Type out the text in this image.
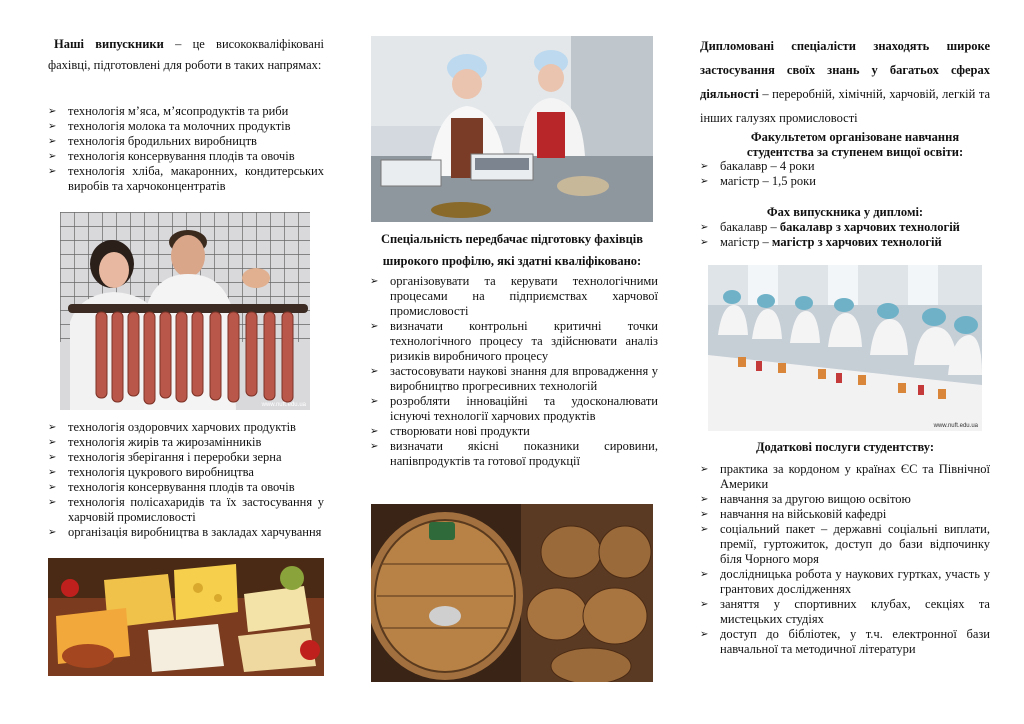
Наші випускники – це висококваліфіковані фахівці, підготовлені для роботи в таких напрямах:

➢ технологія м’яса, м’ясопродуктів та риби
➢ технологія молока та молочних продуктів
➢ технологія бродильних виробництв
➢ технологія консервування плодів та овочів
➢ технологія хліба, макаронних, кондитерських виробів та харчоконцентратів
www.nuft.edu.ua
➢ технологія оздоровчих харчових продуктів
➢ технологія жирів та жирозамінників
➢ технологія зберігання і переробки зерна
➢ технологія цукрового виробництва
➢ технологія консервування плодів та овочів
➢ технологія полісахаридів та їх застосування у харчовій промисловості
➢ організація виробництва в закладах харчування

Спеціальність передбачає підготовку фахівців широкого профілю, які здатні кваліфіковано:

➢ організовувати та керувати технологічними процесами на підприємствах харчової промисловості
➢ визначати контрольні критичні точки технологічного процесу та здійснювати аналіз ризиків виробничого процесу
➢ застосовувати наукові знання для впровадження у виробництво прогресивних технологій
➢ розробляти інноваційні та удосконалювати існуючі технології харчових продуктів
➢ створювати нові продукти
➢ визначати якісні показники сировини, напівпродуктів та готової продукції

Дипломовані спеціалісти знаходять широке застосування своїх знань у багатьох сферах діяльності – переробній, хімічній, харчовій, легкій та інших галузях промисловості

Факультетом організоване навчання студентства за ступенем вищої освіти:

➢ бакалавр – 4 роки
➢ магістр – 1,5 роки

Фах випускника у дипломі:

➢ бакалавр – бакалавр з харчових технологій
➢ магістр – магістр з харчових технологій
www.nuft.edu.ua

Додаткові послуги студентству:

➢ практика за кордоном у країнах ЄС та Північної Америки
➢ навчання за другою вищою освітою
➢ навчання на військовій кафедрі
➢ соціальний пакет – державні соціальні виплати, премії, гуртожиток, доступ до бази відпочинку біля Чорного моря
➢ дослідницька робота у наукових гуртках, участь у грантових дослідженнях
➢ заняття у спортивних клубах, секціях та мистецьких студіях
➢ доступ до бібліотек, у т.ч. електронної бази навчальної та методичної літератури
